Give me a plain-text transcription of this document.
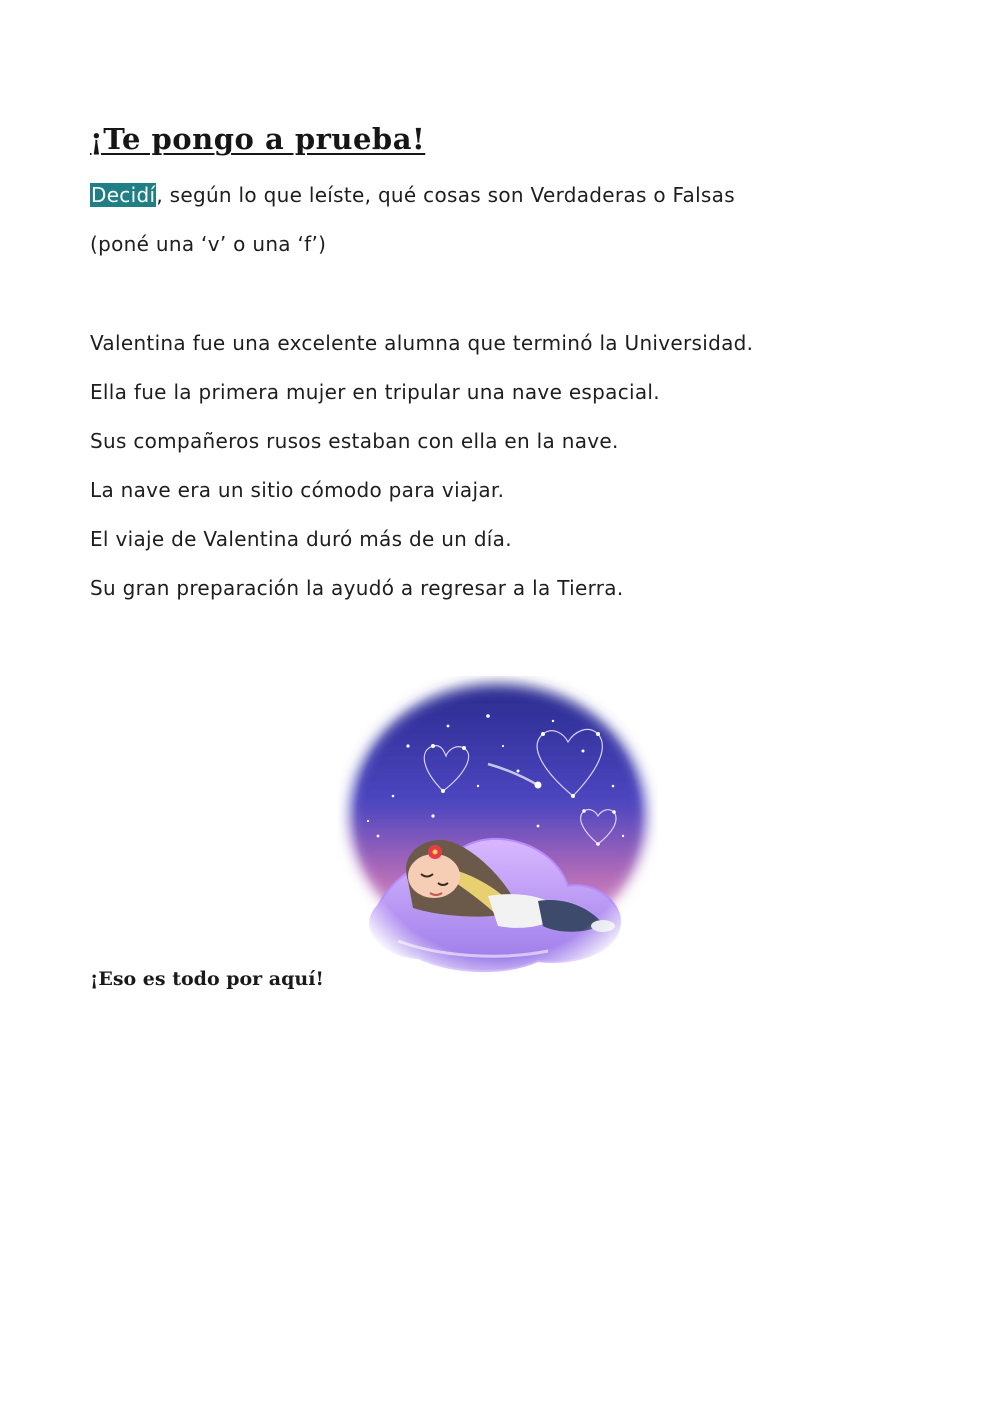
¡Te pongo a prueba!
Decidí, según lo que leíste, qué cosas son Verdaderas o Falsas
(poné una ‘v’ o una ‘f’)
Valentina fue una excelente alumna que terminó la Universidad.
Ella fue la primera mujer en tripular una nave espacial.
Sus compañeros rusos estaban con ella en la nave.
La nave era un sitio cómodo para viajar.
El viaje de Valentina duró más de un día.
Su gran preparación la ayudó a regresar a la Tierra.
¡Eso es todo por aquí!
